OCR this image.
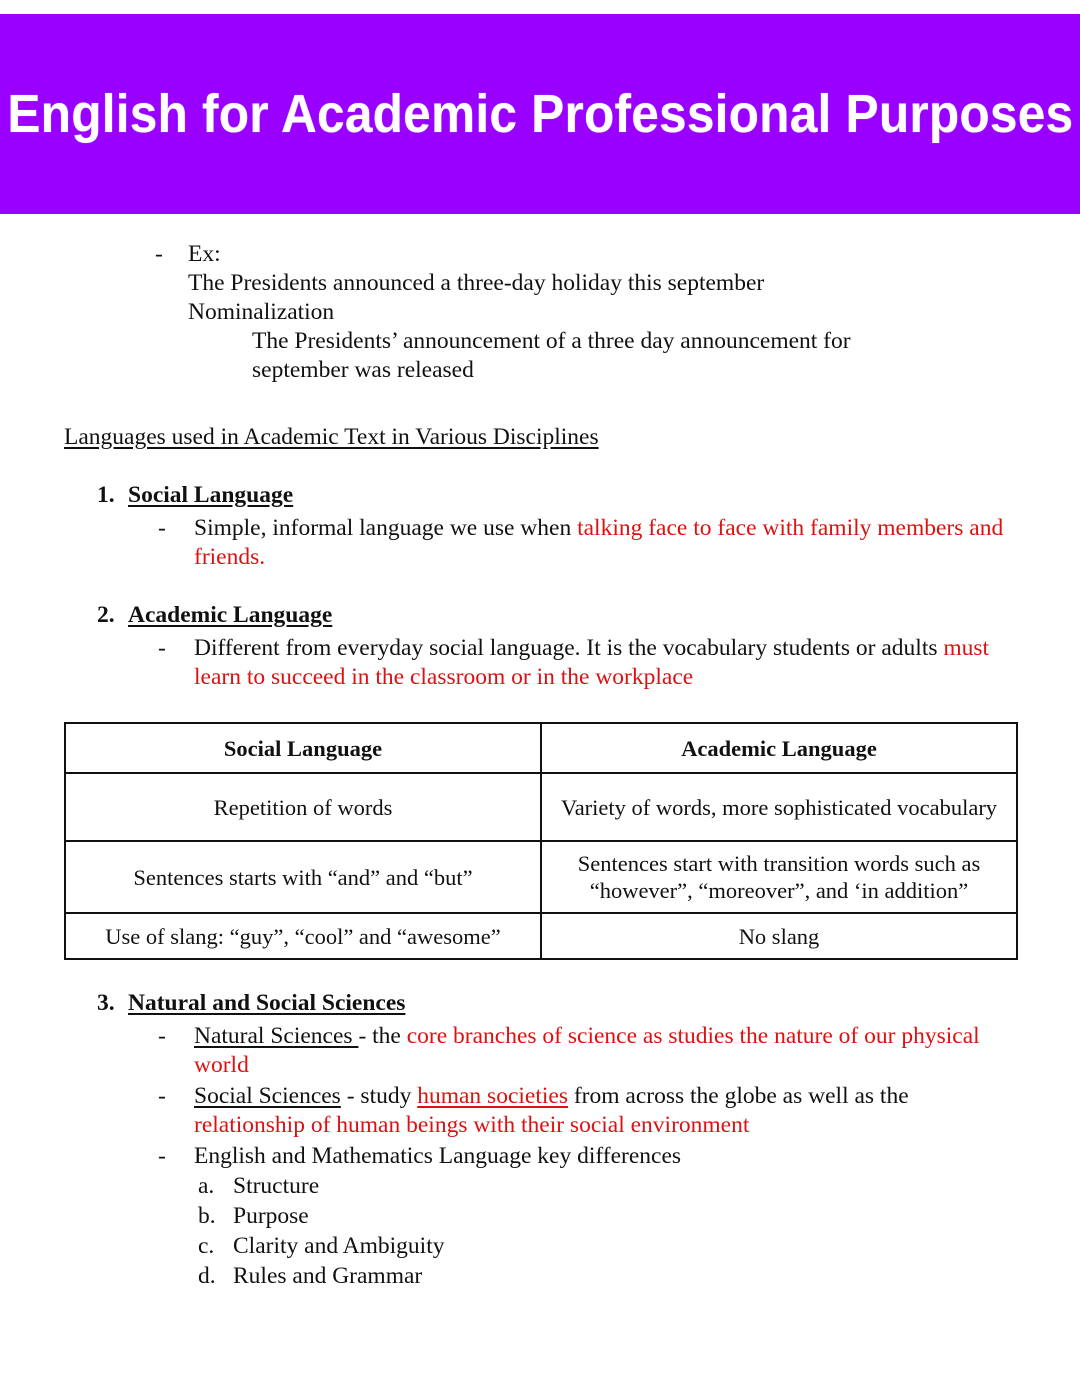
English for Academic Professional Purposes
-	Ex:
The Presidents announced a three-day holiday this september
Nominalization
The Presidents’ announcement of a three day announcement for
september was released
Languages used in Academic Text in Various Disciplines
1. Social Language
- Simple, informal language we use when talking face to face with family members and friends.
2. Academic Language
- Different from everyday social language. It is the vocabulary students or adults must learn to succeed in the classroom or in the workplace
Social Language	Academic Language
Repetition of words	Variety of words, more sophisticated vocabulary
Sentences starts with “and” and “but”	Sentences start with transition words such as “however”, “moreover”, and ‘in addition”
Use of slang: “guy”, “cool” and “awesome”	No slang
3. Natural and Social Sciences
- Natural Sciences - the core branches of science as studies the nature of our physical world
- Social Sciences - study human societies from across the globe as well as the relationship of human beings with their social environment
- English and Mathematics Language key differences
a. Structure
b. Purpose
c. Clarity and Ambiguity
d. Rules and Grammar
